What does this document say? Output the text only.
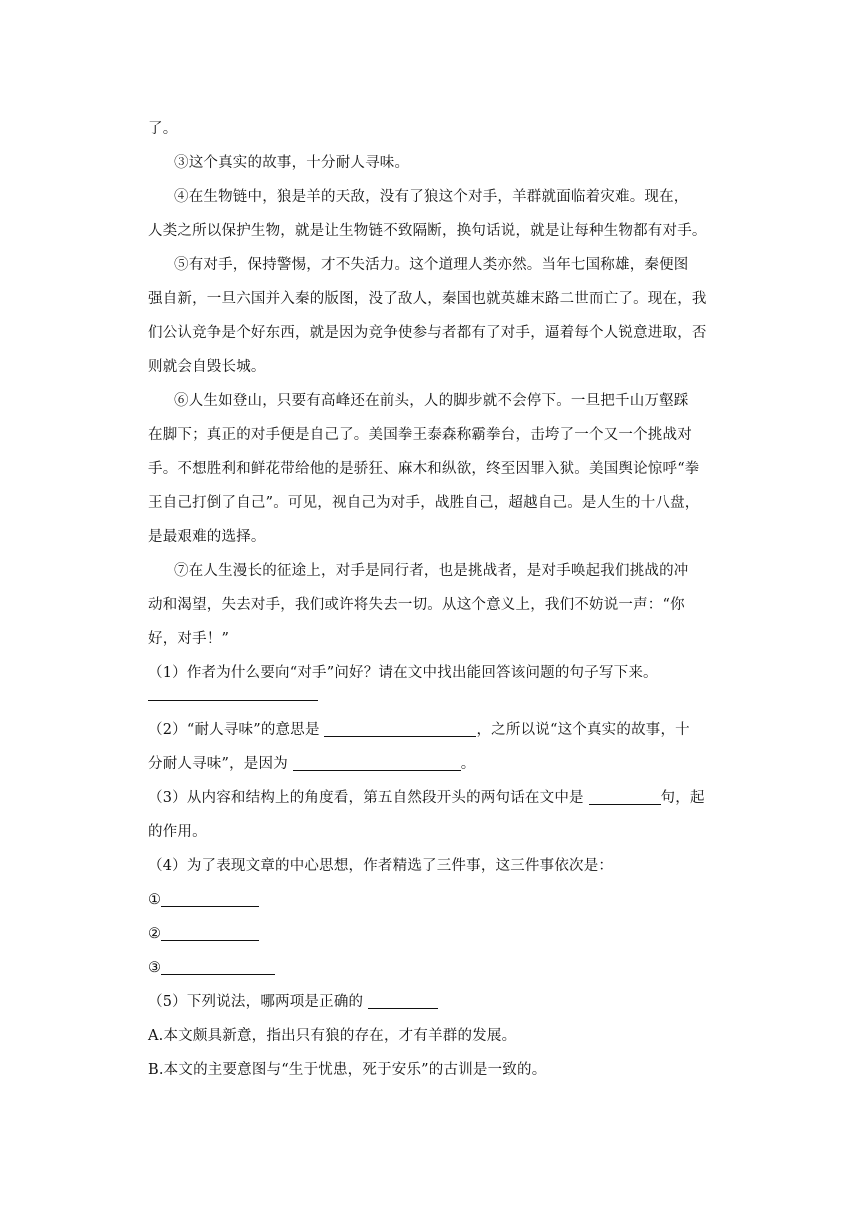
了。
③这个真实的故事，十分耐人寻味。
④在生物链中，狼是羊的天敌，没有了狼这个对手，羊群就面临着灾难。现在，
人类之所以保护生物，就是让生物链不致隔断，换句话说，就是让每种生物都有对手。
⑤有对手，保持警惕，才不失活力。这个道理人类亦然。当年七国称雄，秦便图
强自新，一旦六国并入秦的版图，没了敌人，秦国也就英雄末路二世而亡了。现在，我
们公认竞争是个好东西，就是因为竞争使参与者都有了对手，逼着每个人锐意进取，否
则就会自毁长城。
⑥人生如登山，只要有高峰还在前头，人的脚步就不会停下。一旦把千山万壑踩
在脚下；真正的对手便是自己了。美国拳王泰森称霸拳台，击垮了一个又一个挑战对
手。不想胜利和鲜花带给他的是骄狂、麻木和纵欲，终至因罪入狱。美国舆论惊呼“拳
王自己打倒了自己”。可见，视自己为对手，战胜自己，超越自己。是人生的十八盘，
是最艰难的选择。
⑦在人生漫长的征途上，对手是同行者，也是挑战者，是对手唤起我们挑战的冲
动和渴望，失去对手，我们或许将失去一切。从这个意义上，我们不妨说一声：“你
好，对手！”
（1）作者为什么要向“对手”问好？请在文中找出能回答该问题的句子写下来。
（2）“耐人寻味”的意思是	，之所以说“这个真实的故事，十
分耐人寻味”，是因为	。
（3）从内容和结构上的角度看，第五自然段开头的两句话在文中是	句，起
的作用。
（4）为了表现文章的中心思想，作者精选了三件事，这三件事依次是：
①
②
③
（5）下列说法，哪两项是正确的
A.本文颇具新意，指出只有狼的存在，才有羊群的发展。
B.本文的主要意图与“生于忧患，死于安乐”的古训是一致的。
